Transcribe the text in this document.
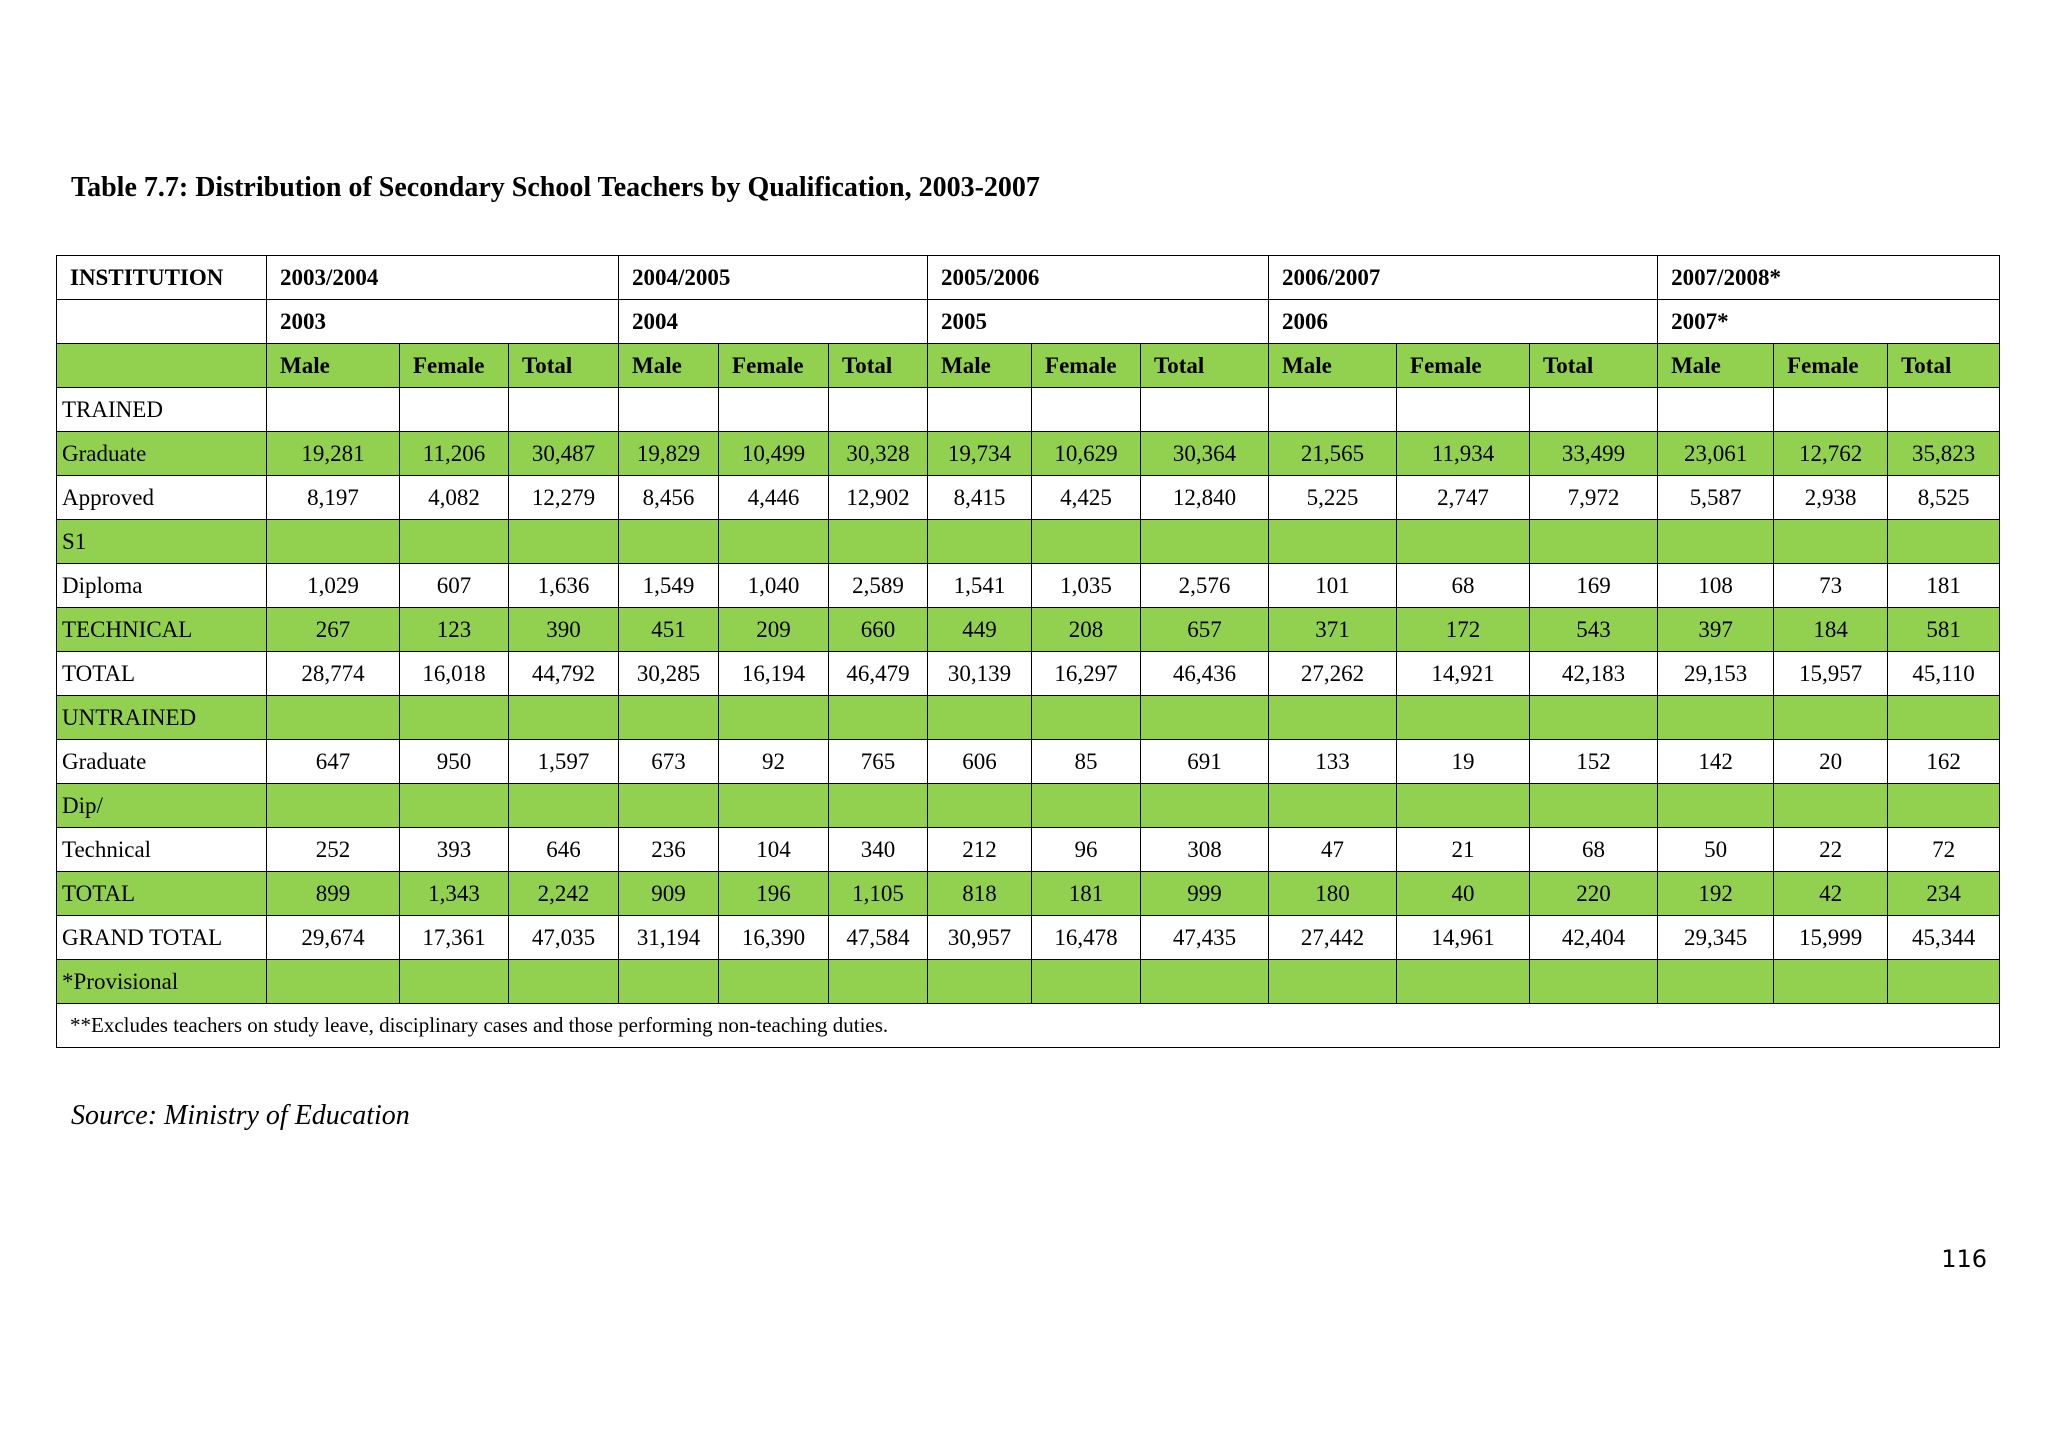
Table 7.7: Distribution of Secondary School Teachers by Qualification, 2003-2007
INSTITUTION	2003/2004			2004/2005			2005/2006			2006/2007			2007/2008*		
	2003			2004			2005			2006			2007*		
	Male	Female	Total	Male	Female	Total	Male	Female	Total	Male	Female	Total	Male	Female	Total
TRAINED															
Graduate	19,281	11,206	30,487	19,829	10,499	30,328	19,734	10,629	30,364	21,565	11,934	33,499	23,061	12,762	35,823
Approved	8,197	4,082	12,279	8,456	4,446	12,902	8,415	4,425	12,840	5,225	2,747	7,972	5,587	2,938	8,525
S1															
Diploma	1,029	607	1,636	1,549	1,040	2,589	1,541	1,035	2,576	101	68	169	108	73	181
TECHNICAL	267	123	390	451	209	660	449	208	657	371	172	543	397	184	581
TOTAL	28,774	16,018	44,792	30,285	16,194	46,479	30,139	16,297	46,436	27,262	14,921	42,183	29,153	15,957	45,110
UNTRAINED															
Graduate	647	950	1,597	673	92	765	606	85	691	133	19	152	142	20	162
Dip/															
Technical	252	393	646	236	104	340	212	96	308	47	21	68	50	22	72
TOTAL	899	1,343	2,242	909	196	1,105	818	181	999	180	40	220	192	42	234
GRAND TOTAL	29,674	17,361	47,035	31,194	16,390	47,584	30,957	16,478	47,435	27,442	14,961	42,404	29,345	15,999	45,344
*Provisional															
**Excludes teachers on study leave, disciplinary cases and those performing non-teaching duties.															

Source: Ministry of Education

116
